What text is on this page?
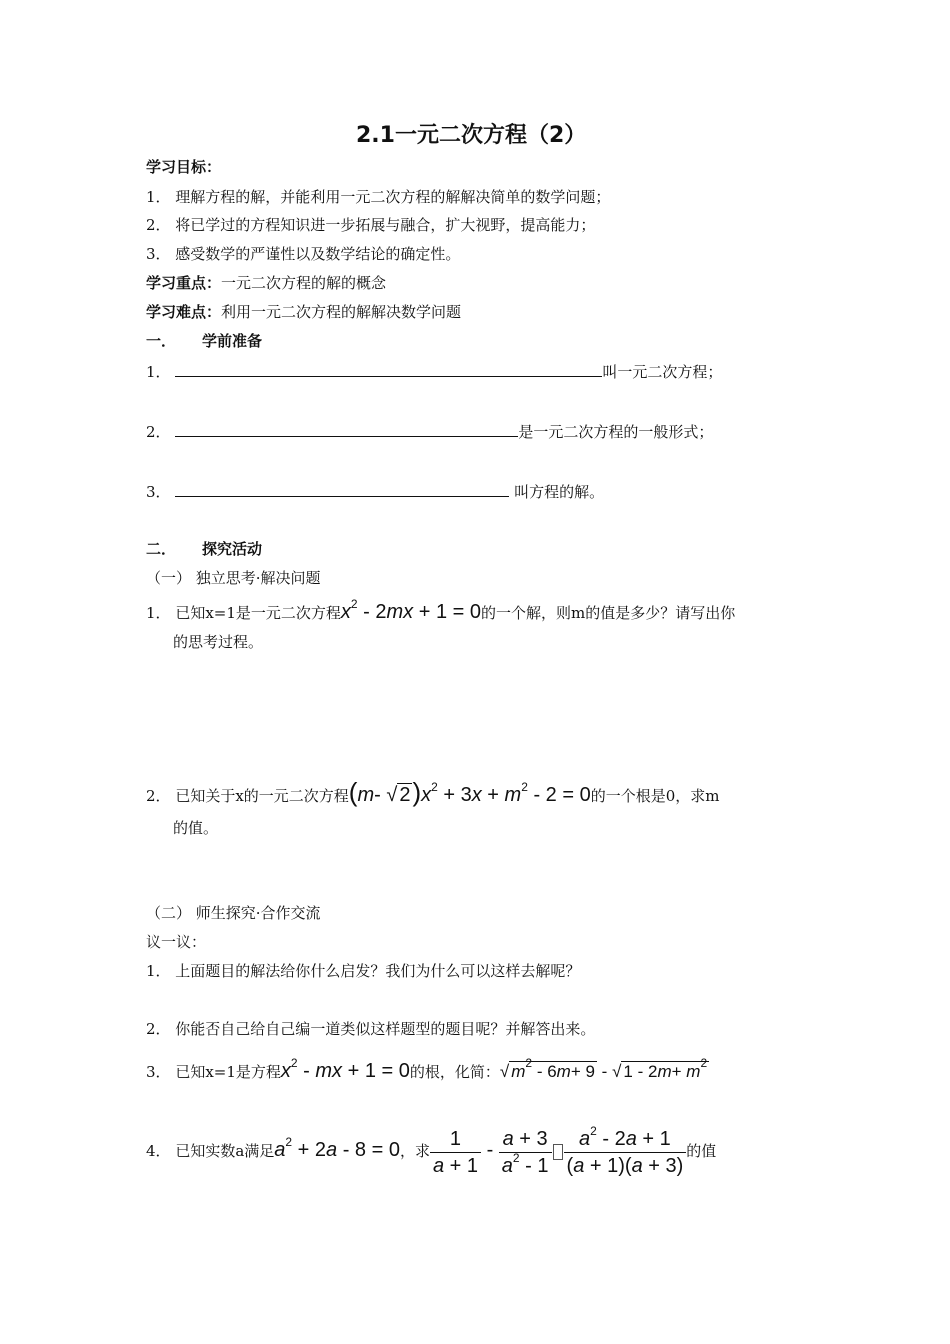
2.1一元二次方程（2）
学习目标：
1． 理解方程的解，并能利用一元二次方程的解解决简单的数学问题；
2． 将已学过的方程知识进一步拓展与融合，扩大视野，提高能力；
3． 感受数学的严谨性以及数学结论的确定性。
学习重点：一元二次方程的解的概念
学习难点：利用一元二次方程的解解决数学问题
一． 学前准备
1．	叫一元二次方程；
2．	是一元二次方程的一般形式；
3．	叫方程的解。
二． 探究活动
（一） 独立思考·解决问题
1． 已知x=1是一元二次方程$x^2 - 2mx + 1 = 0$的一个解，则m的值是多少？请写出你
的思考过程。
2． 已知关于x的一元二次方程(m- √ $2)x^2 + 3x + m^2 - 2 = 0$的一个根是0，求m
的值。
（二） 师生探究·合作交流
议一议：
1． 上面题目的解法给你什么启发？我们为什么可以这样去解呢？
2． 你能否自己给自己编一道类似这样题型的题目呢？并解答出来。
3． 已知x=1是方程$x^2$ - mx + 1 = 0的根，化简：√ $m^2 - 6m+ 9$ - √ $1 - 2m+ m^2$
4． 已知实数a满足$a^2 + 2a - 8 = 0$，求 $\frac{1}{a + 1} - \frac{a + 3}{a^2 - 1} \frac{a^2 - 2a + 1}{(a + 1)(a + 3)}$ 的值
